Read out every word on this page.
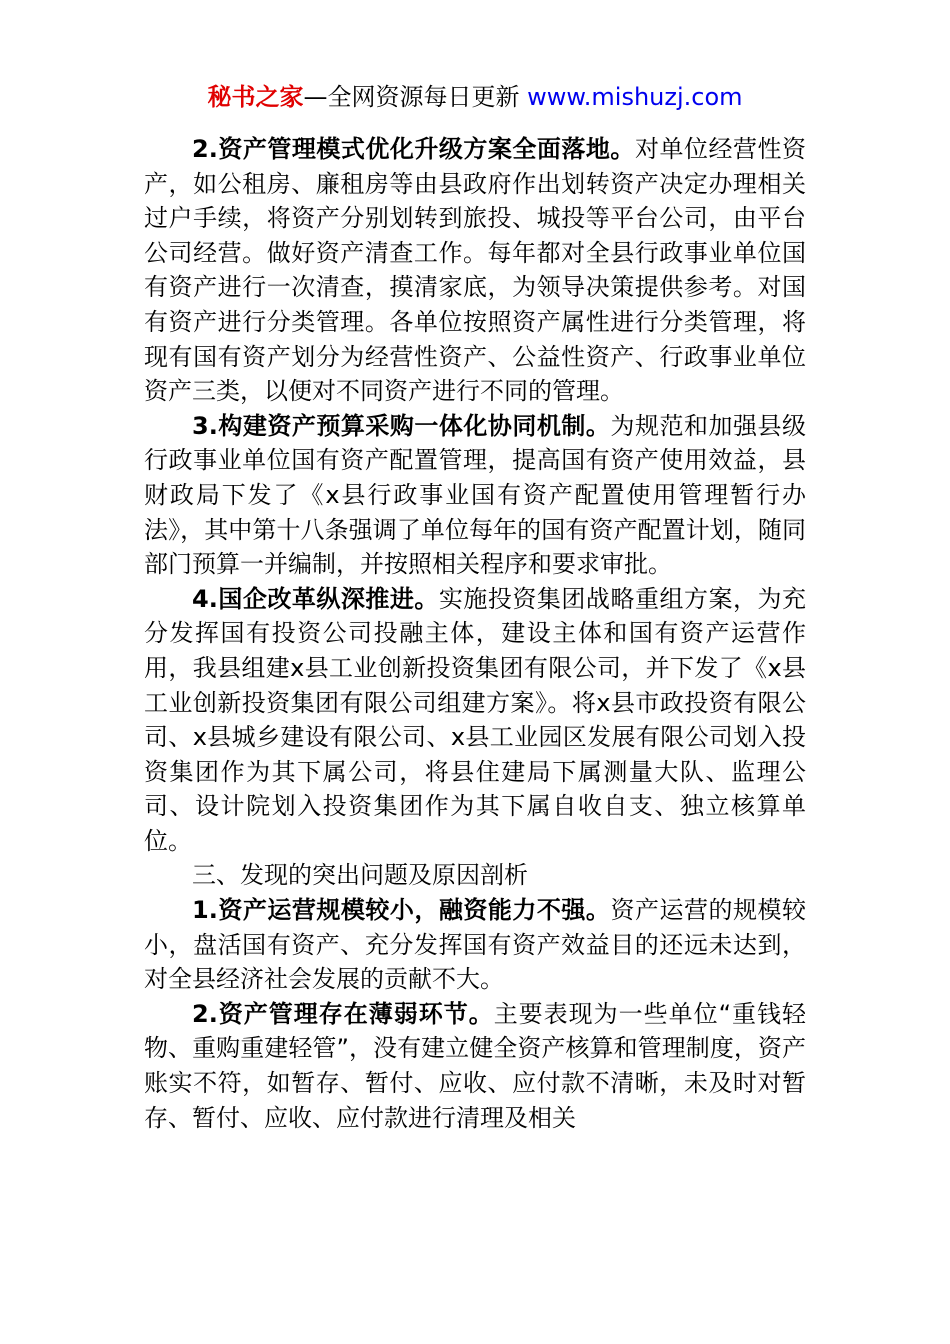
秘书之家—全网资源每日更新 www.mishuzj.com

2.资产管理模式优化升级方案全面落地。对单位经营性资产，如公租房、廉租房等由县政府作出划转资产决定办理相关过户手续，将资产分别划转到旅投、城投等平台公司，由平台公司经营。做好资产清查工作。每年都对全县行政事业单位国有资产进行一次清查，摸清家底，为领导决策提供参考。对国有资产进行分类管理。各单位按照资产属性进行分类管理，将现有国有资产划分为经营性资产、公益性资产、行政事业单位资产三类，以便对不同资产进行不同的管理。

3.构建资产预算采购一体化协同机制。为规范和加强县级行政事业单位国有资产配置管理，提高国有资产使用效益，县财政局下发了《x县行政事业国有资产配置使用管理暂行办法》，其中第十八条强调了单位每年的国有资产配置计划，随同部门预算一并编制，并按照相关程序和要求审批。

4.国企改革纵深推进。实施投资集团战略重组方案，为充分发挥国有投资公司投融主体，建设主体和国有资产运营作用，我县组建x县工业创新投资集团有限公司，并下发了《x县工业创新投资集团有限公司组建方案》。将x县市政投资有限公司、x县城乡建设有限公司、x县工业园区发展有限公司划入投资集团作为其下属公司，将县住建局下属测量大队、监理公司、设计院划入投资集团作为其下属自收自支、独立核算单位。

三、发现的突出问题及原因剖析

1.资产运营规模较小，融资能力不强。资产运营的规模较小，盘活国有资产、充分发挥国有资产效益目的还远未达到，对全县经济社会发展的贡献不大。

2.资产管理存在薄弱环节。主要表现为一些单位“重钱轻物、重购重建轻管”，没有建立健全资产核算和管理制度，资产账实不符，如暂存、暂付、应收、应付款不清晰，未及时对暂存、暂付、应收、应付款进行清理及相关
